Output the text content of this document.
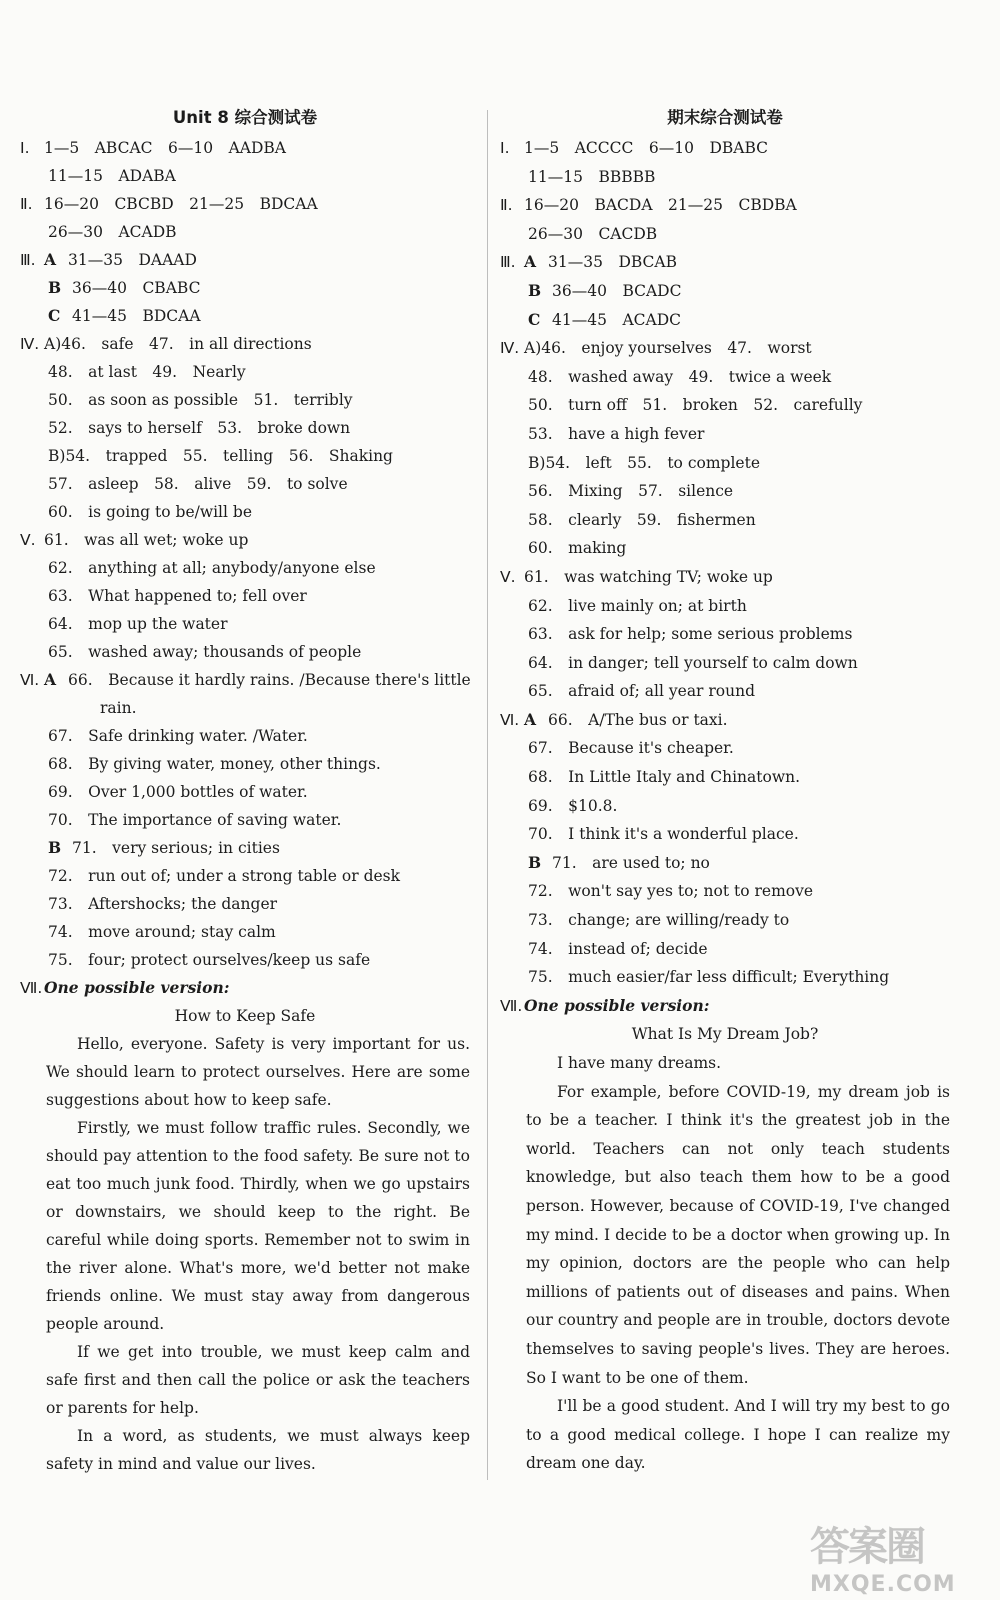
Unit 8 综合测试卷
Ⅰ. 1—5　ABCAC　6—10　AADBA
11—15　ADABA
Ⅱ. 16—20　CBCBD　21—25　BDCAA
26—30　ACADB
Ⅲ. A 31—35　DAAAD
B 36—40　CBABC
C 41—45　BDCAA
Ⅳ. A)46.　safe　47.　in all directions
48.　at last　49.　Nearly
50.　as soon as possible　51.　terribly
52.　says to herself　53.　broke down
B)54.　trapped　55.　telling　56.　Shaking
57.　asleep　58.　alive　59.　to solve
60.　is going to be/will be
Ⅴ. 61.　was all wet; woke up
62.　anything at all; anybody/anyone else
63.　What happened to; fell over
64.　mop up the water
65.　washed away; thousands of people
Ⅵ. A 66.　Because it hardly rains. /Because there's little
rain.
67.　Safe drinking water. /Water.
68.　By giving water, money, other things.
69.　Over 1,000 bottles of water.
70.　The importance of saving water.
B 71.　very serious; in cities
72.　run out of; under a strong table or desk
73.　Aftershocks; the danger
74.　move around; stay calm
75.　four; protect ourselves/keep us safe
Ⅶ. One possible version:
How to Keep Safe
Hello, everyone. Safety is very important for us. We should learn to protect ourselves. Here are some suggestions about how to keep safe.
Firstly, we must follow traffic rules. Secondly, we should pay attention to the food safety. Be sure not to eat too much junk food. Thirdly, when we go upstairs or downstairs, we should keep to the right. Be careful while doing sports. Remember not to swim in the river alone. What's more, we'd better not make friends online. We must stay away from dangerous people around.
If we get into trouble, we must keep calm and safe first and then call the police or ask the teachers or parents for help.
In a word, as students, we must always keep safety in mind and value our lives.
期末综合测试卷
Ⅰ. 1—5　ACCCC　6—10　DBABC
11—15　BBBBB
Ⅱ. 16—20　BACDA　21—25　CBDBA
26—30　CACDB
Ⅲ. A 31—35　DBCAB
B 36—40　BCADC
C 41—45　ACADC
Ⅳ. A)46.　enjoy yourselves　47.　worst
48.　washed away　49.　twice a week
50.　turn off　51.　broken　52.　carefully
53.　have a high fever
B)54.　left　55.　to complete
56.　Mixing　57.　silence
58.　clearly　59.　fishermen
60.　making
Ⅴ. 61.　was watching TV; woke up
62.　live mainly on; at birth
63.　ask for help; some serious problems
64.　in danger; tell yourself to calm down
65.　afraid of; all year round
Ⅵ. A 66.　A/The bus or taxi.
67.　Because it's cheaper.
68.　In Little Italy and Chinatown.
69.　$10.8.
70.　I think it's a wonderful place.
B 71.　are used to; no
72.　won't say yes to; not to remove
73.　change; are willing/ready to
74.　instead of; decide
75.　much easier/far less difficult; Everything
Ⅶ. One possible version:
What Is My Dream Job?
I have many dreams.
For example, before COVID-19, my dream job is to be a teacher. I think it's the greatest job in the world. Teachers can not only teach students knowledge, but also teach them how to be a good person. However, because of COVID-19, I've changed my mind. I decide to be a doctor when growing up. In my opinion, doctors are the people who can help millions of patients out of diseases and pains. When our country and people are in trouble, doctors devote themselves to saving people's lives. They are heroes. So I want to be one of them.
I'll be a good student. And I will try my best to go to a good medical college. I hope I can realize my dream one day.
答案圈
MXQE.COM
